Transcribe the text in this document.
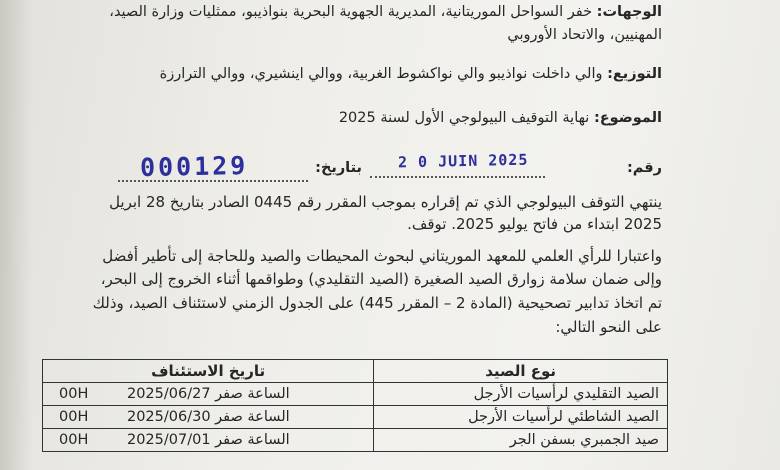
الوجهات: خفر السواحل الموريتانية، المديرية الجهوية البحرية بنواذيبو، ممثليات وزارة الصيد،
المهنيين، والاتحاد الأوروبي
التوزيع: والي داخلت نواذيبو والي نواكشوط الغربية، ووالي اينشيري، ووالي الترارزة
الموضوع: نهاية التوقيف البيولوجي الأول لسنة 2025
رقم:
بتاريخ: 2 0 JUIN 2025
000129
ينتهي التوقف البيولوجي الذي تم إقراره بموجب المقرر رقم 0445 الصادر بتاريخ 28 ابريل
2025 ابتداء من فاتح يوليو 2025. توقف.
واعتبارا للرأي العلمي للمعهد الموريتاني لبحوث المحيطات والصيد وللحاجة إلى تأطير أفضل
وإلى ضمان سلامة زوارق الصيد الصغيرة (الصيد التقليدي) وطواقمها أثناء الخروج إلى البحر،
تم اتخاذ تدابير تصحيحية (المادة 2 – المقرر 445) على الجدول الزمني لاستئناف الصيد، وذلك
على النحو التالي:
نوع الصيد	تاريخ الاستئناف
الصيد التقليدي لرأسيات الأرجل	00H الساعة صفر 2025/06/27
الصيد الشاطئي لرأسيات الأرجل	00H الساعة صفر 2025/06/30
صيد الجمبري بسفن الجر	00H الساعة صفر 2025/07/01
